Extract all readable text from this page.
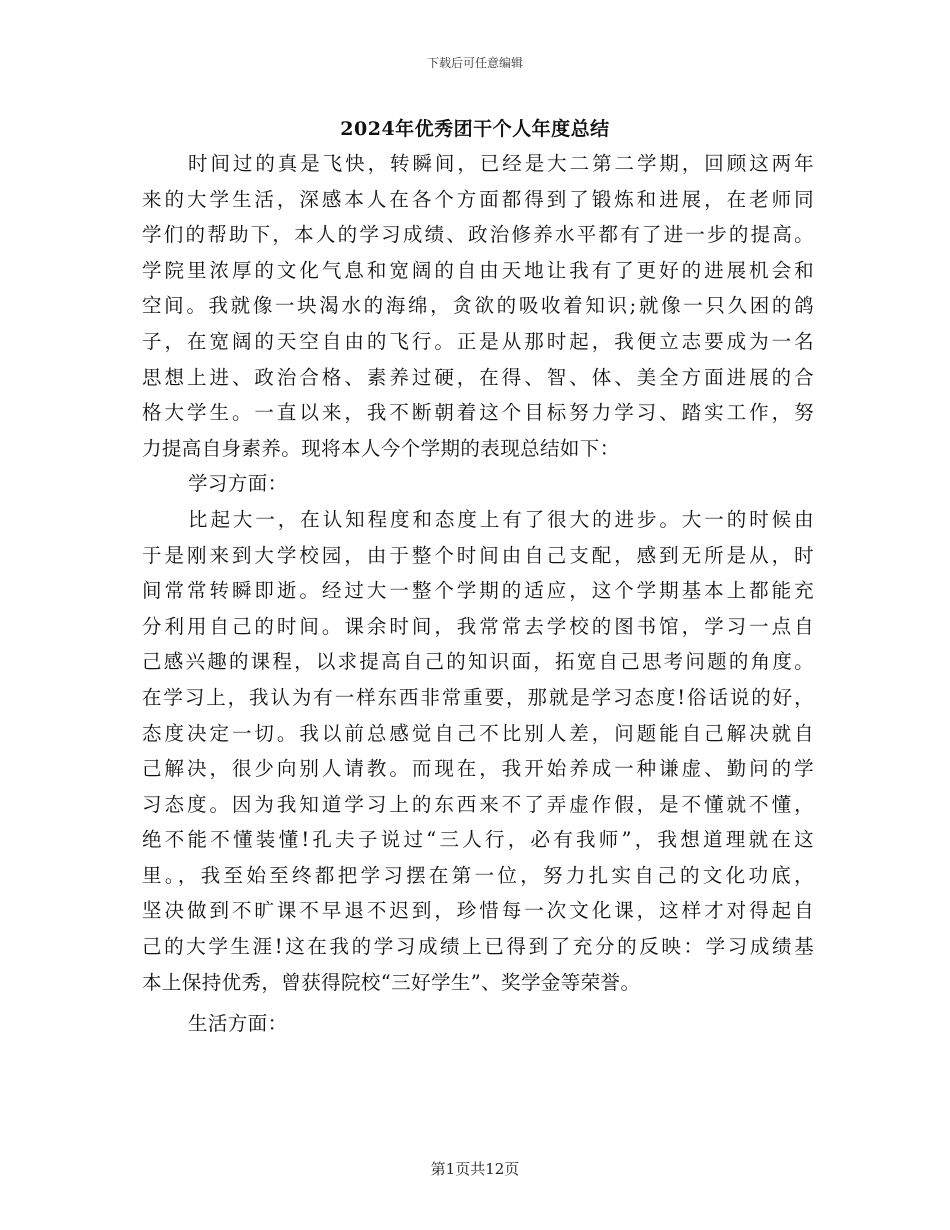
下载后可任意编辑
2024年优秀团干个人年度总结
时间过的真是飞快，转瞬间，已经是大二第二学期，回顾这两年
来的大学生活，深感本人在各个方面都得到了锻炼和进展，在老师同
学们的帮助下，本人的学习成绩、政治修养水平都有了进一步的提高。
学院里浓厚的文化气息和宽阔的自由天地让我有了更好的进展机会和
空间。我就像一块渴水的海绵，贪欲的吸收着知识;就像一只久困的鸽
子，在宽阔的天空自由的飞行。正是从那时起，我便立志要成为一名
思想上进、政治合格、素养过硬，在得、智、体、美全方面进展的合
格大学生。一直以来，我不断朝着这个目标努力学习、踏实工作，努
力提高自身素养。现将本人今个学期的表现总结如下：
学习方面：
比起大一，在认知程度和态度上有了很大的进步。大一的时候由
于是刚来到大学校园，由于整个时间由自己支配，感到无所是从，时
间常常转瞬即逝。经过大一整个学期的适应，这个学期基本上都能充
分利用自己的时间。课余时间，我常常去学校的图书馆，学习一点自
己感兴趣的课程，以求提高自己的知识面，拓宽自己思考问题的角度。
在学习上，我认为有一样东西非常重要，那就是学习态度!俗话说的好，
态度决定一切。我以前总感觉自己不比别人差，问题能自己解决就自
己解决，很少向别人请教。而现在，我开始养成一种谦虚、勤问的学
习态度。因为我知道学习上的东西来不了弄虚作假，是不懂就不懂，
绝不能不懂装懂!孔夫子说过“三人行，必有我师”，我想道理就在这
里。，我至始至终都把学习摆在第一位，努力扎实自己的文化功底，
坚决做到不旷课不早退不迟到，珍惜每一次文化课，这样才对得起自
己的大学生涯!这在我的学习成绩上已得到了充分的反映：学习成绩基
本上保持优秀，曾获得院校“三好学生”、奖学金等荣誉。
生活方面：
第1页共12页
